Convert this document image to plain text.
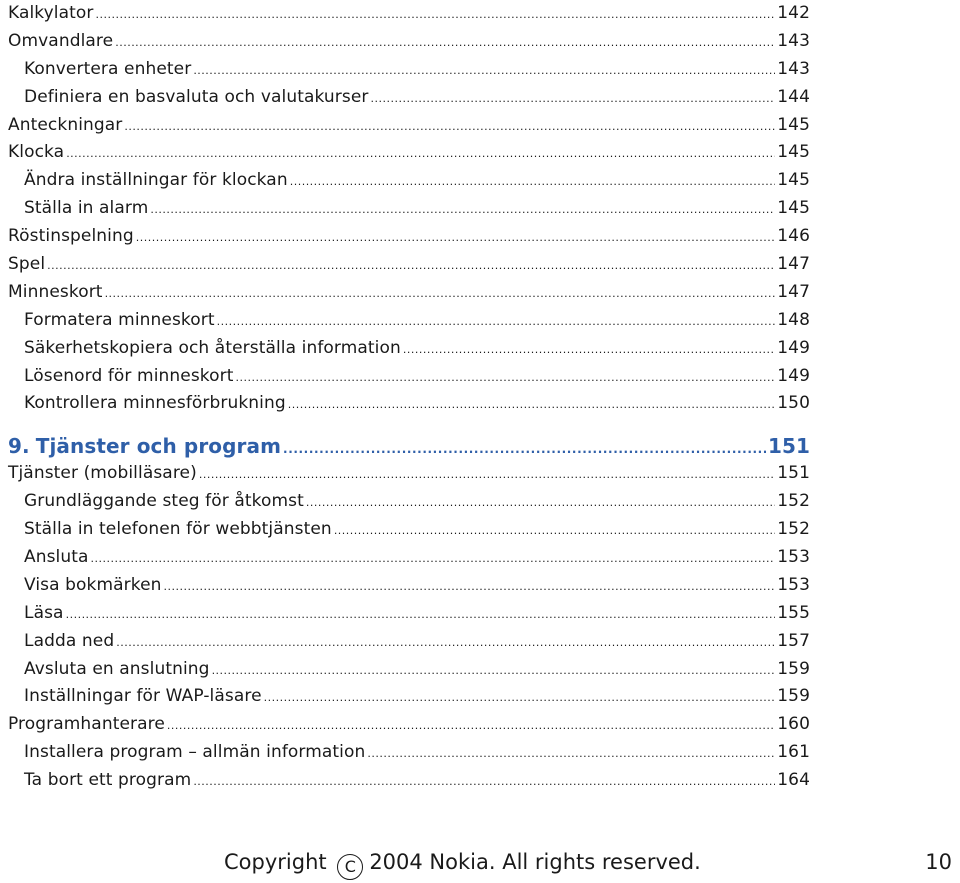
Kalkylator .....	142
Omvandlare .....	143
Konvertera enheter .....	143
Definiera en basvaluta och valutakurser .....	144
Anteckningar .....	145
Klocka .....	145
Ändra inställningar för klockan .....	145
Ställa in alarm .....	145
Röstinspelning .....	146
Spel .....	147
Minneskort .....	147
Formatera minneskort .....	148
Säkerhetskopiera och återställa information .....	149
Lösenord för minneskort .....	149
Kontrollera minnesförbrukning .....	150
9. Tjänster och program .....	151
Tjänster (mobilläsare) .....	151
Grundläggande steg för åtkomst .....	152
Ställa in telefonen för webbtjänsten .....	152
Ansluta .....	153
Visa bokmärken .....	153
Läsa .....	155
Ladda ned .....	157
Avsluta en anslutning .....	159
Inställningar för WAP-läsare .....	159
Programhanterare .....	160
Installera program – allmän information .....	161
Ta bort ett program .....	164
Copyright C 2004 Nokia. All rights reserved.	10
